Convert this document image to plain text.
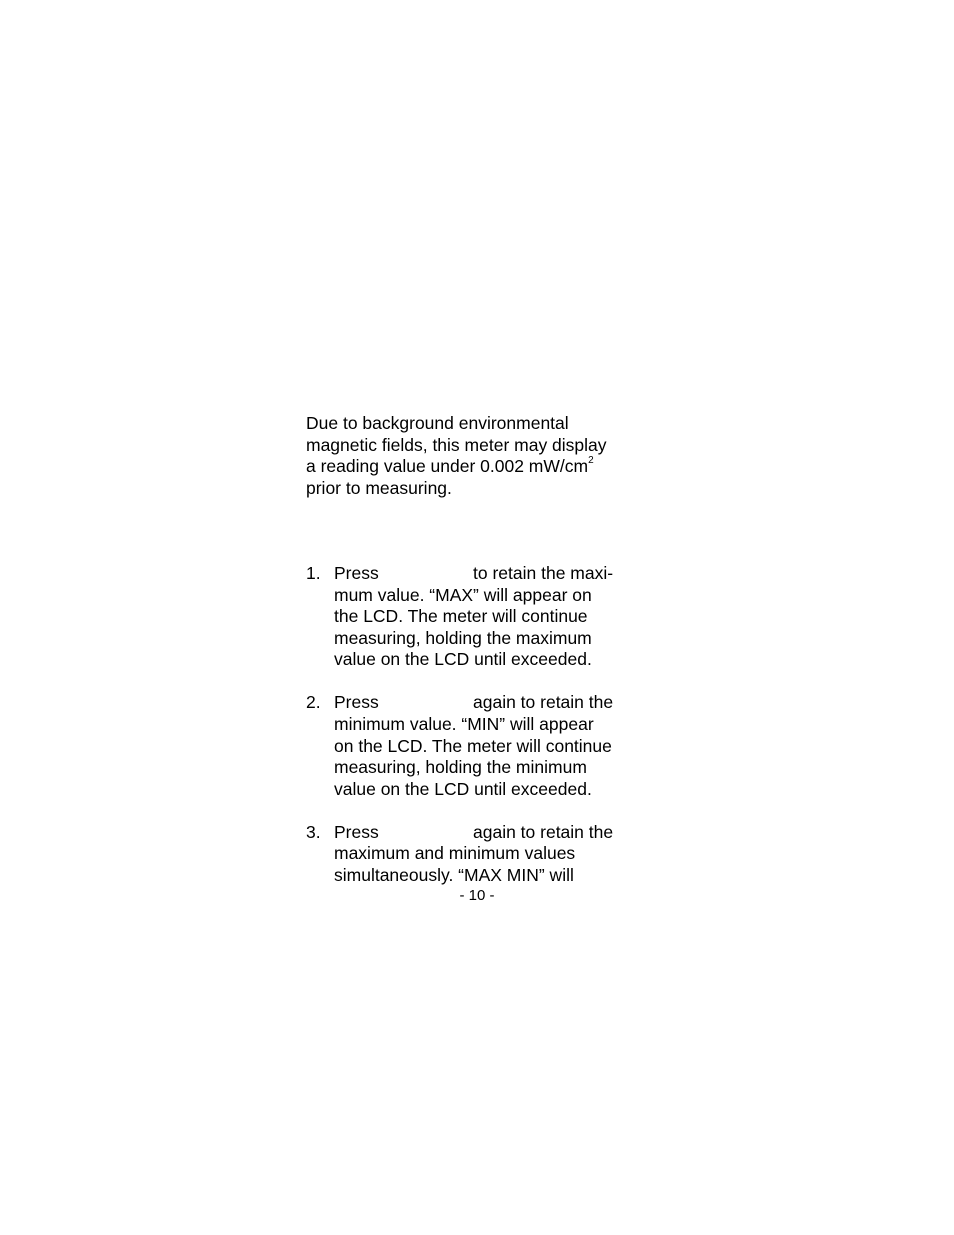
Due to background environmental
magnetic fields, this meter may display
a reading value under 0.002 $mW/cm^2$
prior to measuring.

1. Press	to retain the maxi-
mum value. “MAX” will appear on
the LCD. The meter will continue
measuring, holding the maximum
value on the LCD until exceeded.
2. Press	again to retain the
minimum value. “MIN” will appear
on the LCD. The meter will continue
measuring, holding the minimum
value on the LCD until exceeded.
3. Press	again to retain the
maximum and minimum values
simultaneously. “MAX MIN” will
- 10 -
